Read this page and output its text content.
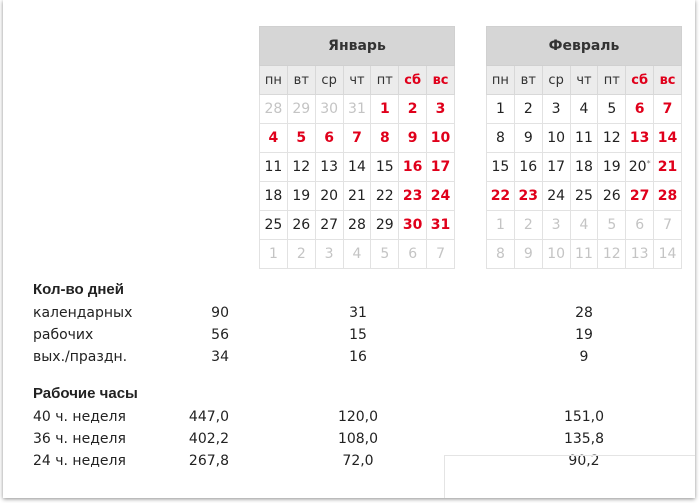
Январь						
пн	вт	ср	чт	пт	сб	вс
28	29	30	31	1	2	3
4	5	6	7	8	9	10
11	12	13	14	15	16	17
18	19	20	21	22	23	24
25	26	27	28	29	30	31
1	2	3	4	5	6	7
Февраль						
пн	вт	ср	чт	пт	сб	вс
1	2	3	4	5	6	7
8	9	10	11	12	13	14
15	16	17	18	19	20*	21
22	23	24	25	26	27	28
1	2	3	4	5	6	7
8	9	10	11	12	13	14
Кол-во дней
календарных	90	31	28
рабочих	56	15	19
вых./праздн.	34	16	9
Рабочие часы
40 ч. неделя	447,0	120,0	151,0
36 ч. неделя	402,2	108,0	135,8
24 ч. неделя	267,8	72,0	90,2
